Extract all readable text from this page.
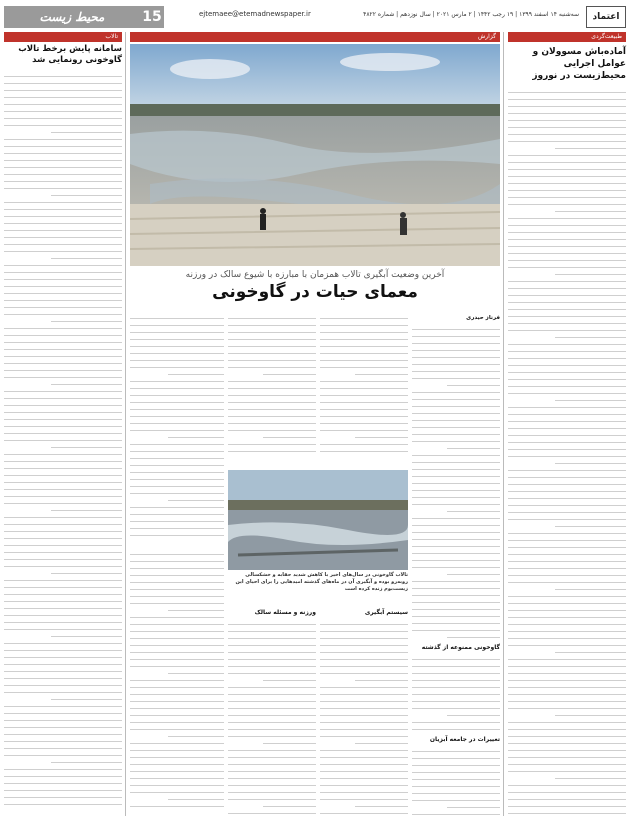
15
محیط زیست	ejtemaee@etemadnewspaper.ir	سه‌شنبه ۱۴ اسفند ۱۳۹۹ | ۱۹ رجب ۱۴۴۲ | ۲ مارس ۲۰۲۱ | سال نوزدهم | شماره ۴۸۲۲	اعتماد
طبیعت‌گردی
آمادەباش مسوولان و عوامل اجرایی محیط‌زیست در نوروز
گزارش
آخرین وضعیت آبگیری تالاب همزمان با مبارزه با شیوع سالک در ورزنه
معمای حیات در گاوخونی
فرناز حیدری
گاوخونی ممنوعه از گذشته
تغییرات در جامعه آبزیان
تالاب گاوخونی در سال‌های اخیر با کاهش شدید حقابه و خشکسالی روبه‌رو بوده و آبگیری آن در ماه‌های گذشته امیدهایی را برای احیای این زیست‌بوم زنده کرده است
سیستم آبگیری
ورزنه و مسئله سالک
تالاب
سامانه پایش برخط تالاب گاوخونی رونمایی شد
